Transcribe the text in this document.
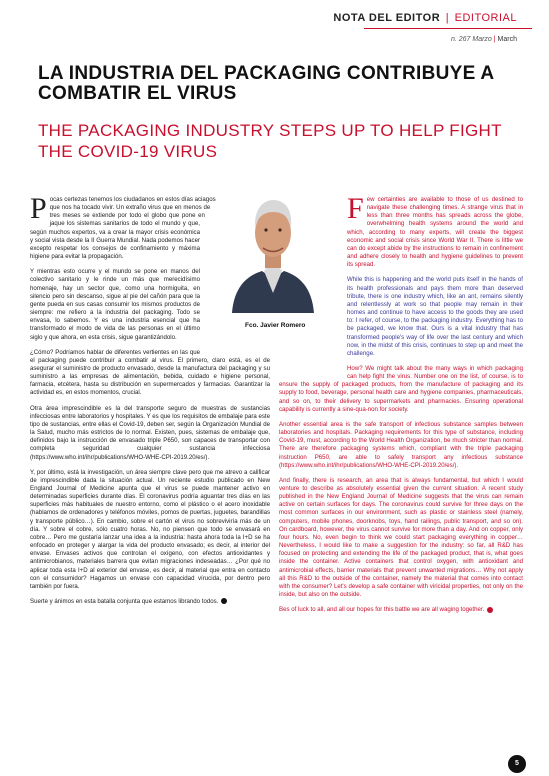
NOTA DEL EDITOR | EDITORIAL
n. 267 Marzo | March
LA INDUSTRIA DEL PACKAGING CONTRIBUYE A COMBATIR EL VIRUS
THE PACKAGING INDUSTRY STEPS UP TO HELP FIGHT THE COVID-19 VIRUS
Fco. Javier Romero

Pocas certezas tenemos los ciudadanos en estos días aciagos que nos ha tocado vivir. Un extraño virus que en menos de tres meses se extiende por todo el globo que pone en jaque los sistemas sanitarios de todo el mundo y que, según muchos expertos, va a crear la mayor crisis económica y social vista desde la II Guerra Mundial. Nada podemos hacer excepto respetar los consejos de confinamiento y máxima higiene para evitar la propagación.

Y mientras esto ocurre y el mundo se pone en manos del colectivo sanitario y le rinde un más que merecidísimo homenaje, hay un sector que, como una hormiguita, en silencio pero sin descanso, sigue al pie del cañón para que la gente pueda en sus casas consumir los mismos productos de siempre: me refiero a la industria del packaging. Todo se envasa, lo sabemos. Y es una industria esencial que ha transformado el modo de vida de las personas en el último siglo y que ahora, en esta crisis, sigue garantizándolo.

¿Cómo? Podríamos hablar de diferentes vertientes en las que el packaging puede contribuir a combatir al virus. El primero, claro está, es el de asegurar el suministro de producto envasado, desde la manufactura del packaging y su suministro a las empresas de alimentación, bebida, cuidado e higiene personal, farmacia, etcétera, hasta su distribución en supermercados y farmacias. Garantizar la actividad es, en estos momentos, crucial.

Otra área imprescindible es la del transporte seguro de muestras de sustancias infecciosas entre laboratorios y hospitales. Y es que los requisitos de embalaje para este tipo de sustancias, entre ellas el Covid-19, deben ser, según la Organización Mundial de la Salud, mucho más estrictos de lo normal. Existen, pues, sistemas de embalaje que, definidos bajo la instrucción de envasado triple P650, son capaces de transportar con completa seguridad cualquier sustancia infecciosa (https://www.who.int/ihr/publications/WHO-WHE-CPI-2019.20/es/).

Y, por último, está la investigación, un área siempre clave pero que me atrevo a calificar de imprescindible dada la situación actual. Un reciente estudio publicado en New England Journal of Medicine apunta que el virus se puede mantener activo en determinadas superficies durante días. El coronavirus podría aguantar tres días en las superficies más habituales de nuestro entorno, como el plástico o el acero inoxidable (hablamos de ordenadores y teléfonos móviles, pomos de puertas, juguetes, barandillas y transporte público…). En cambio, sobre el cartón el virus no sobreviviría más de un día. Y sobre el cobre, sólo cuatro horas. No, no piensen que todo se envasará en cobre… Pero me gustaría lanzar una idea a la industria: hasta ahora toda la I+D se ha enfocado en proteger y alargar la vida del producto envasado; es decir, al interior del envase. Envases activos que controlan el oxígeno, con efectos antioxidantes y antimicrobianos, materiales barrera que evitan migraciones indeseadas… ¿Por qué no aplicar toda esta I+D al exterior del envase, es decir, al material que entra en contacto con el consumidor? Hagamos un envase con capacidad vírucida, por dentro pero también por fuera.

Suerte y ánimos en esta batalla conjunta que estamos librando todos.

Few certainties are available to those of us destined to navigate these challenging times. A strange virus that in less than three months has spreads across the globe, overwhelming health systems around the world and which, according to many experts, will create the biggest economic and social crisis since World War II. There is little we can do except abide by the instructions to remain in confinement and adhere closely to health and hygiene guidelines to prevent its spread.

While this is happening and the world puts itself in the hands of its health professionals and pays them more than deserved tribute, there is one industry which, like an ant, remains silently and relentlessly at work so that people may remain in their homes and continue to have access to the goods they are used to: I refer, of course, to the packaging industry. Everything has to be packaged, we know that. Ours is a vital industry that has transformed people's way of life over the last century and which now, in the midst of this crisis, continues to step up and meet the challenge.

How? We might talk about the many ways in which packaging can help fight the virus. Number one on the list, of course, is to ensure the supply of packaged products, from the manufacture of packaging and its supply to food, beverage, personal health care and hygiene companies, pharmaceuticals, and so on, to their delivery to supermarkets and pharmacies. Ensuring operational capability is currently a sine-qua-non for society.

Another essential area is the safe transport of infectious substance samples between laboratories and hospitals. Packaging requirements for this type of substance, including Covid-19, must, according to the World Health Organization, be much stricter than normal. There are therefore packaging systems which, compliant with the triple packaging instruction P650, are able to safely transport any infectious substance (https://www.who.int/ihr/publications/WHO-WHE-CPI-2019.20/es/).

And finally, there is research, an area that is always fundamental, but which I would venture to describe as absolutely essential given the current situation. A recent study published in the New England Journal of Medicine suggests that the virus can remain active on certain surfaces for days. The coronavirus could survive for three days on the most common surfaces in our environment, such as plastic or stainless steel (namely, computers, mobile phones, doorknobs, toys, hand railings, public transport, and so on). On cardboard, however, the virus cannot survive for more than a day. And on copper, only four hours. No, even begin to think we could start packaging everything in copper… Nevertheless, I would like to make a suggestion for the industry: so far, all R&D has focused on protecting and extending the life of the packaged product, that is, what goes inside the container. Active containers that control oxygen, with antioxidant and antimicrobial effects, barrier materials that prevent unwanted migrations… Why not apply all this R&D to the outside of the container, namely the material that comes into contact with the consumer? Let's develop a safe container with viricidal properties, not only on the inside, but also on the outside.

Bes of luck to all, and all our hopes for this battle we are all waging together.

5
